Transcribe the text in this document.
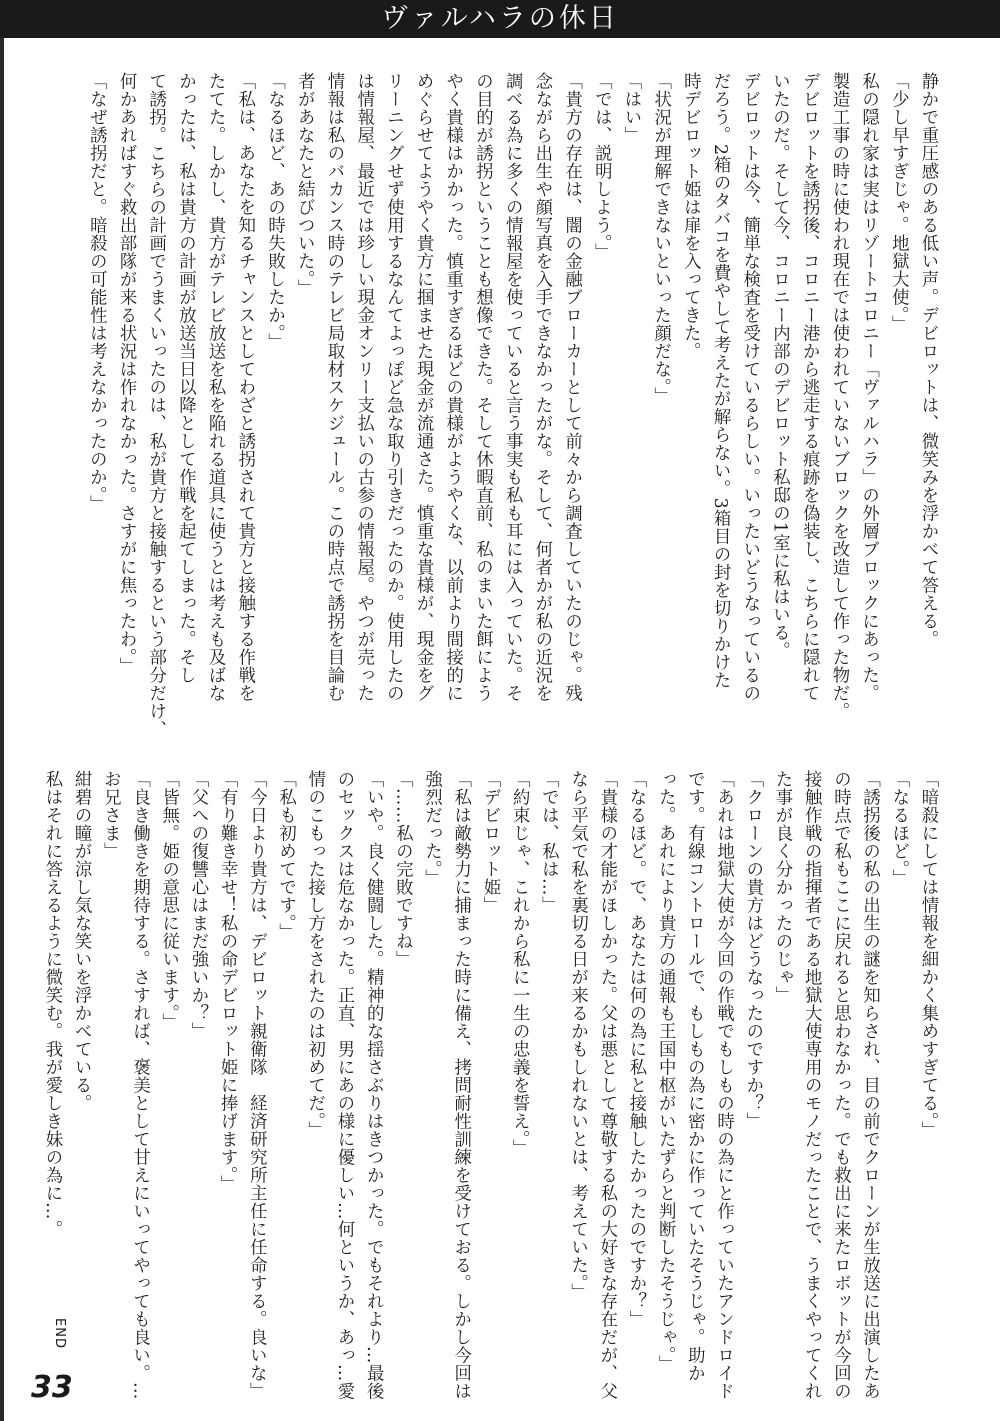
ヴァルハラの休日
静かで重圧感のある低い声。デビロットは、微笑みを浮かべて答える。
「少し早すぎじゃ。地獄大使。」
私の隠れ家は実はリゾートコロニー「ヴァルハラ」の外層ブロックにあった。
製造工事の時に使われ現在では使われていないブロックを改造して作った物だ。
デビロットを誘拐後、コロニー港から逃走する痕跡を偽装し、こちらに隠れて
いたのだ。そして今、コロニー内部のデビロット私邸の1室に私はいる。
デビロットは今、簡単な検査を受けているらしい。いったいどうなっているの
だろう。2箱のタバコを費やして考えたが解らない。3箱目の封を切りかけた
時デビロット姫は扉を入ってきた。
「状況が理解できないといった顔だな。」
「はい」
「では、説明しよう。」
「貴方の存在は、闇の金融ブローカーとして前々から調査していたのじゃ。残
念ながら出生や顔写真を入手できなかったがな。そして、何者かが私の近況を
調べる為に多くの情報屋を使っていると言う事実も私も耳には入っていた。そ
の目的が誘拐ということも想像できた。そして休暇直前、私のまいた餌によう
やく貴様はかかった。慎重すぎるほどの貴様がようやくな、以前より間接的に
めぐらせてようやく貴方に掴ませた現金が流通さた。慎重な貴様が、現金をグ
リーニングせず使用するなんてよっぽど急な取り引きだったのか。使用したの
は情報屋、最近では珍しい現金オンリー支払いの古参の情報屋。やつが売った
情報は私のバカンス時のテレビ局取材スケジュール。この時点で誘拐を目論む
者があなたと結びついた。」
「なるほど、あの時失敗したか。」
「私は、あなたを知るチャンスとしてわざと誘拐されて貴方と接触する作戦を
たてた。しかし、貴方がテレビ放送を私を陥れる道具に使うとは考えも及ばな
かったは、私は貴方の計画が放送当日以降として作戦を起てしまった。そし
て誘拐。こちらの計画でうまくいったのは、私が貴方と接触するという部分だけ、
何かあればすぐ救出部隊が来る状況は作れなかった。さすがに焦ったわ。」
「なぜ誘拐だと。暗殺の可能性は考えなかったのか。」
「暗殺にしては情報を細かく集めすぎてる。」
「なるほど。」
「誘拐後の私の出生の謎を知らされ、目の前でクローンが生放送に出演したあ
の時点で私もここに戻れると思わなかった。でも救出に来たロボットが今回の
接触作戦の指揮者である地獄大使専用のモノだったことで、うまくやってくれ
た事が良く分かったのじゃ」
「クローンの貴方はどうなったのですか？」
「あれは地獄大使が今回の作戦でもしもの時の為にと作っていたアンドロイド
です。有線コントロールで、もしもの為に密かに作っていたそうじゃ。助か
った。あれにより貴方の通報も王国中枢がいたずらと判断したそうじゃ。」
「なるほど。で、あなたは何の為に私と接触したかったのですか？」
「貴様の才能がほしかった。父は悪として尊敬する私の大好きな存在だが、父
なら平気で私を裏切る日が来るかもしれないとは、考えていた。」
「では、私は…」
「約束じゃ、これから私に一生の忠義を誓え。」
「デビロット姫」
「私は敵勢力に捕まった時に備え、拷問耐性訓練を受けておる。しかし今回は
強烈だった。」
「……私の完敗ですね」
「いや。良く健闘した。精神的な揺さぶりはきつかった。でもそれより…最後
のセックスは危なかった。正直、男にあの様に優しい…何というか、あっ…愛
情のこもった接し方をされたのは初めてだ。」
「私も初めてです。」
「今日より貴方は、デビロット親衛隊　経済研究所主任に任命する。良いな」
「有り難き幸せ！私の命デビロット姫に捧げます。」
「父への復讐心はまだ強いか？」
「皆無。姫の意思に従います。」
「良き働きを期待する。さすれば、褒美として甘えにいってやっても良い。…
お兄さま」
紺碧の瞳が涼し気な笑いを浮かべている。
私はそれに答えるように微笑む。我が愛しき妹の為に…。
END
33
